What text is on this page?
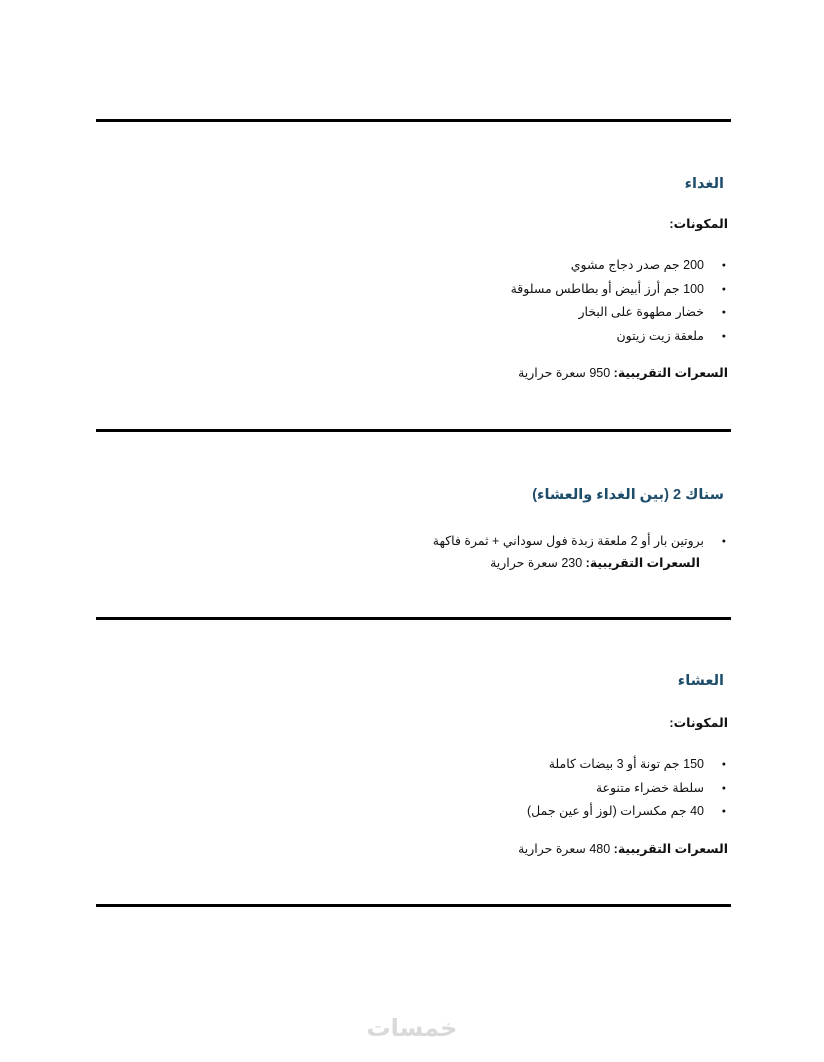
الغداء

المكونات:

● 200 جم صدر دجاج مشوي
● 100 جم أرز أبيض أو بطاطس مسلوقة
● خضار مطهوة على البخار
● ملعقة زيت زيتون

السعرات التقريبية: 950 سعرة حرارية

سناك 2 (بين الغداء والعشاء)
● بروتين بار أو 2 ملعقة زبدة فول سوداني + ثمرة فاكهة

السعرات التقريبية: 230 سعرة حرارية

العشاء

المكونات:

● 150 جم تونة أو 3 بيضات كاملة
● سلطة خضراء متنوعة
● 40 جم مكسرات (لوز أو عين جمل)

السعرات التقريبية: 480 سعرة حرارية

خمسات
